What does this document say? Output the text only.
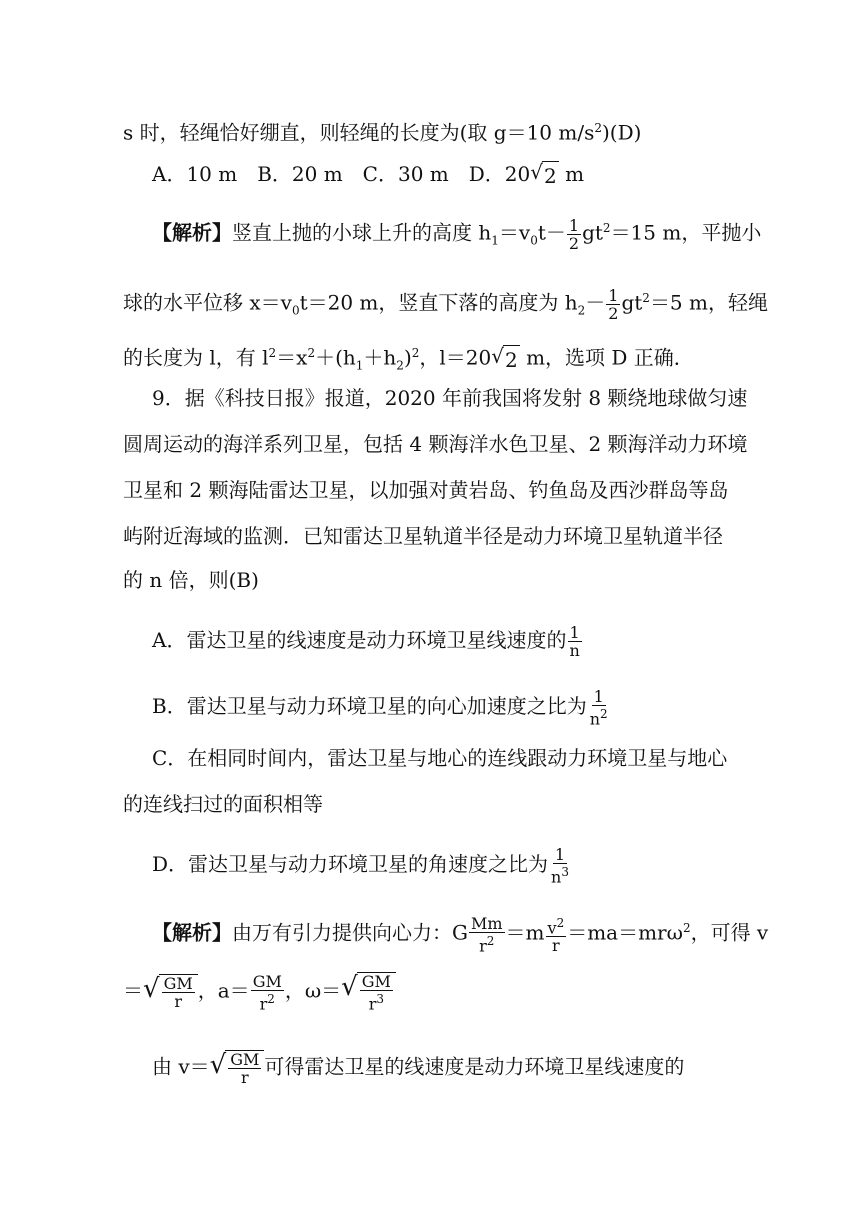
s 时，轻绳恰好绷直，则轻绳的长度为(取 g＝10 $m/s^2)(D)$
A．10 m　B．20 m　C．30 m　D．20 √ 2 m
【解析】竖直上抛的小球上升的高度 $h_1=v_0t- \frac{1}{2} gt^2=15$ m，平抛小
球的水平位移 $x=v_0t=20$ m，竖直下落的高度为 $h_2- \frac{1}{2} gt^2=5$ m，轻绳
的长度为 l，有 $l^2=x^2+(h_1+h_2)^2$，l＝20 √ 2 m，选项 D 正确．
9．据《科技日报》报道，2020 年前我国将发射 8 颗绕地球做匀速
圆周运动的海洋系列卫星，包括 4 颗海洋水色卫星、2 颗海洋动力环境
卫星和 2 颗海陆雷达卫星，以加强对黄岩岛、钓鱼岛及西沙群岛等岛
屿附近海域的监测．已知雷达卫星轨道半径是动力环境卫星轨道半径
的 n 倍，则(B)
A．雷达卫星的线速度是动力环境卫星线速度的 $\frac{1}{n}$
B．雷达卫星与动力环境卫星的向心加速度之比为 $\frac{1}{n^2}$
C．在相同时间内，雷达卫星与地心的连线跟动力环境卫星与地心
的连线扫过的面积相等
D．雷达卫星与动力环境卫星的角速度之比为 $\frac{1}{n^3}$
【解析】由万有引力提供向心力：G $\frac{Mm}{r^2} =m \frac{v^2}{r} =ma=mr\omega^2$，可得 v
＝ √ $\frac{GM}{r}$ ，$a= \frac{GM}{r^2}$ ，ω＝ √ $\frac{GM}{r^3}$
由 v＝ √ $\frac{GM}{r}$ 可得雷达卫星的线速度是动力环境卫星线速度的
